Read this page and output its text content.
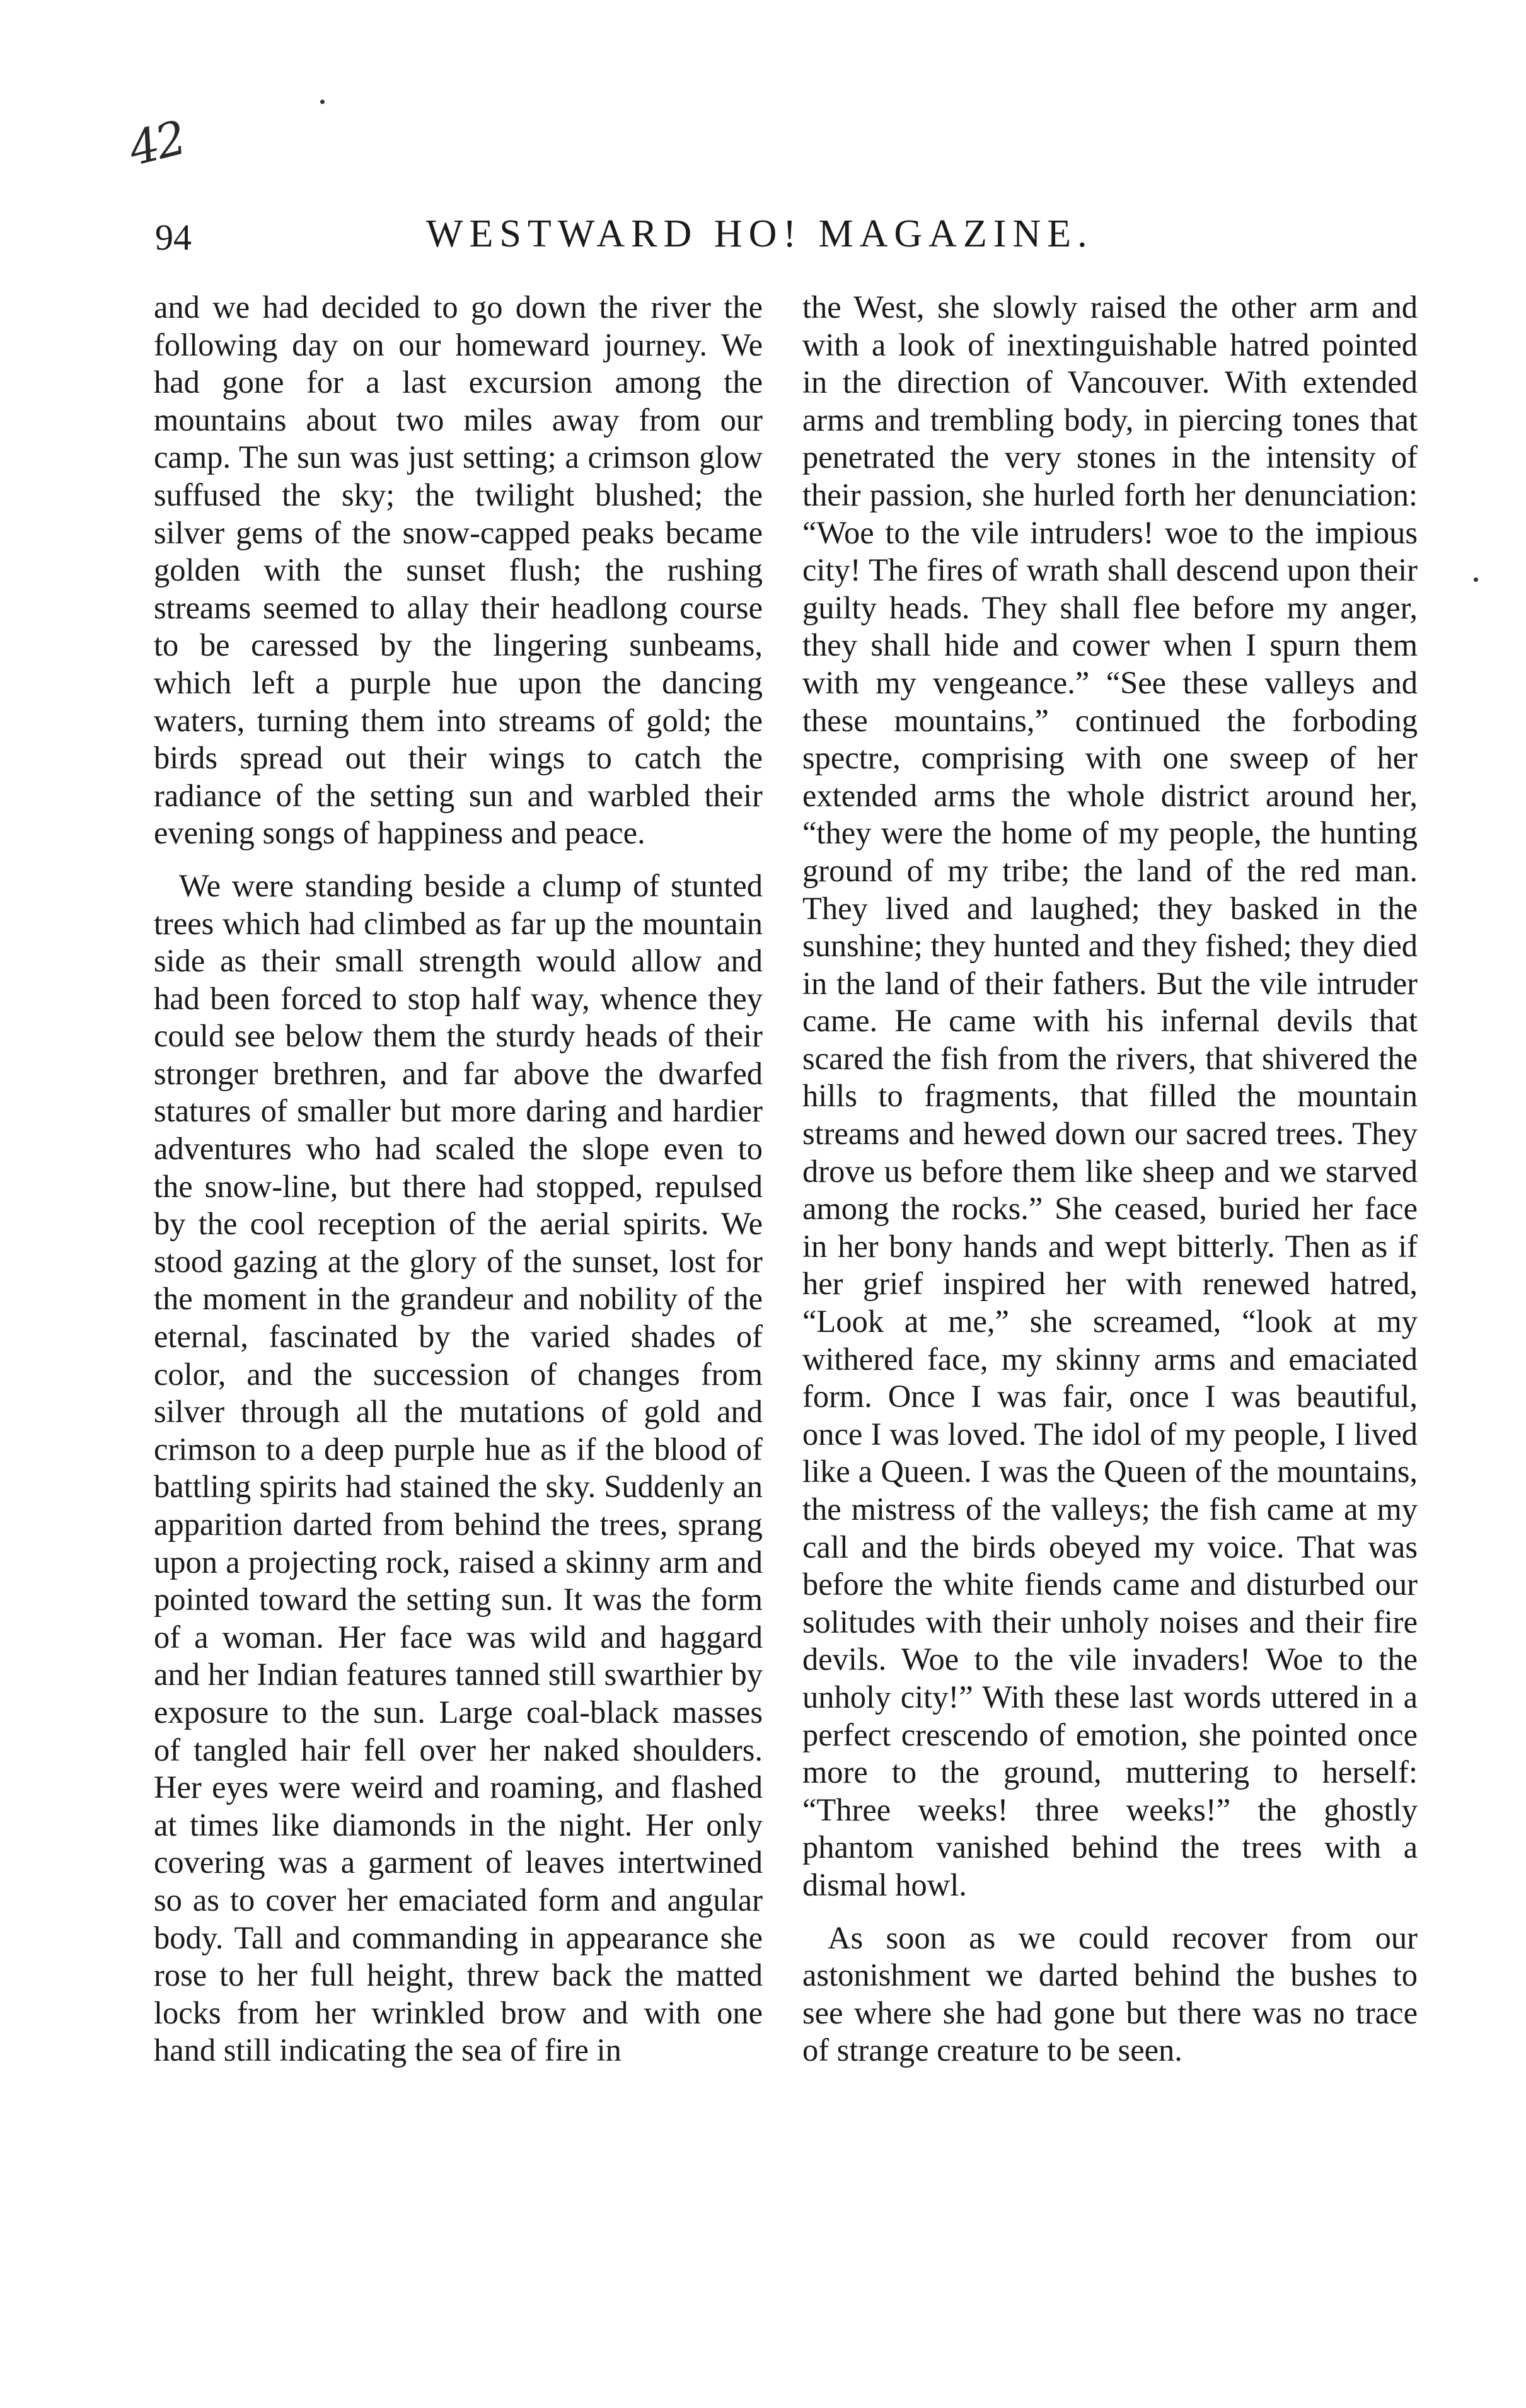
42
94	WESTWARD HO! MAGAZINE.

and we had decided to go down the river the following day on our homeward journey. We had gone for a last excursion among the mountains about two miles away from our camp. The sun was just setting; a crimson glow suffused the sky; the twilight blushed; the silver gems of the snow-capped peaks became golden with the sunset flush; the rushing streams seemed to allay their headlong course to be caressed by the lingering sunbeams, which left a purple hue upon the dancing waters, turning them into streams of gold; the birds spread out their wings to catch the radiance of the setting sun and warbled their evening songs of happiness and peace.

We were standing beside a clump of stunted trees which had climbed as far up the mountain side as their small strength would allow and had been forced to stop half way, whence they could see below them the sturdy heads of their stronger brethren, and far above the dwarfed statures of smaller but more daring and hardier adventures who had scaled the slope even to the snow-line, but there had stopped, repulsed by the cool reception of the aerial spirits. We stood gazing at the glory of the sunset, lost for the moment in the grandeur and nobility of the eternal, fascinated by the varied shades of color, and the succession of changes from silver through all the mutations of gold and crimson to a deep purple hue as if the blood of battling spirits had stained the sky. Suddenly an apparition darted from behind the trees, sprang upon a projecting rock, raised a skinny arm and pointed toward the setting sun. It was the form of a woman. Her face was wild and haggard and her Indian features tanned still swarthier by exposure to the sun. Large coal-black masses of tangled hair fell over her naked shoulders. Her eyes were weird and roaming, and flashed at times like diamonds in the night. Her only covering was a garment of leaves intertwined so as to cover her emaciated form and angular body. Tall and commanding in appearance she rose to her full height, threw back the matted locks from her wrinkled brow and with one hand still indicating the sea of fire in

the West, she slowly raised the other arm and with a look of inextinguishable hatred pointed in the direction of Vancouver. With extended arms and trembling body, in piercing tones that penetrated the very stones in the intensity of their passion, she hurled forth her denunciation: “Woe to the vile intruders! woe to the impious city! The fires of wrath shall descend upon their guilty heads. They shall flee before my anger, they shall hide and cower when I spurn them with my vengeance.” “See these valleys and these mountains,” continued the forboding spectre, comprising with one sweep of her extended arms the whole district around her, “they were the home of my people, the hunting ground of my tribe; the land of the red man. They lived and laughed; they basked in the sunshine; they hunted and they fished; they died in the land of their fathers. But the vile intruder came. He came with his infernal devils that scared the fish from the rivers, that shivered the hills to fragments, that filled the mountain streams and hewed down our sacred trees. They drove us before them like sheep and we starved among the rocks.” She ceased, buried her face in her bony hands and wept bitterly. Then as if her grief inspired her with renewed hatred, “Look at me,” she screamed, “look at my withered face, my skinny arms and emaciated form. Once I was fair, once I was beautiful, once I was loved. The idol of my people, I lived like a Queen. I was the Queen of the mountains, the mistress of the valleys; the fish came at my call and the birds obeyed my voice. That was before the white fiends came and disturbed our solitudes with their unholy noises and their fire devils. Woe to the vile invaders! Woe to the unholy city!” With these last words uttered in a perfect crescendo of emotion, she pointed once more to the ground, muttering to herself: “Three weeks! three weeks!” the ghostly phantom vanished behind the trees with a dismal howl.

As soon as we could recover from our astonishment we darted behind the bushes to see where she had gone but there was no trace of strange creature to be seen.
